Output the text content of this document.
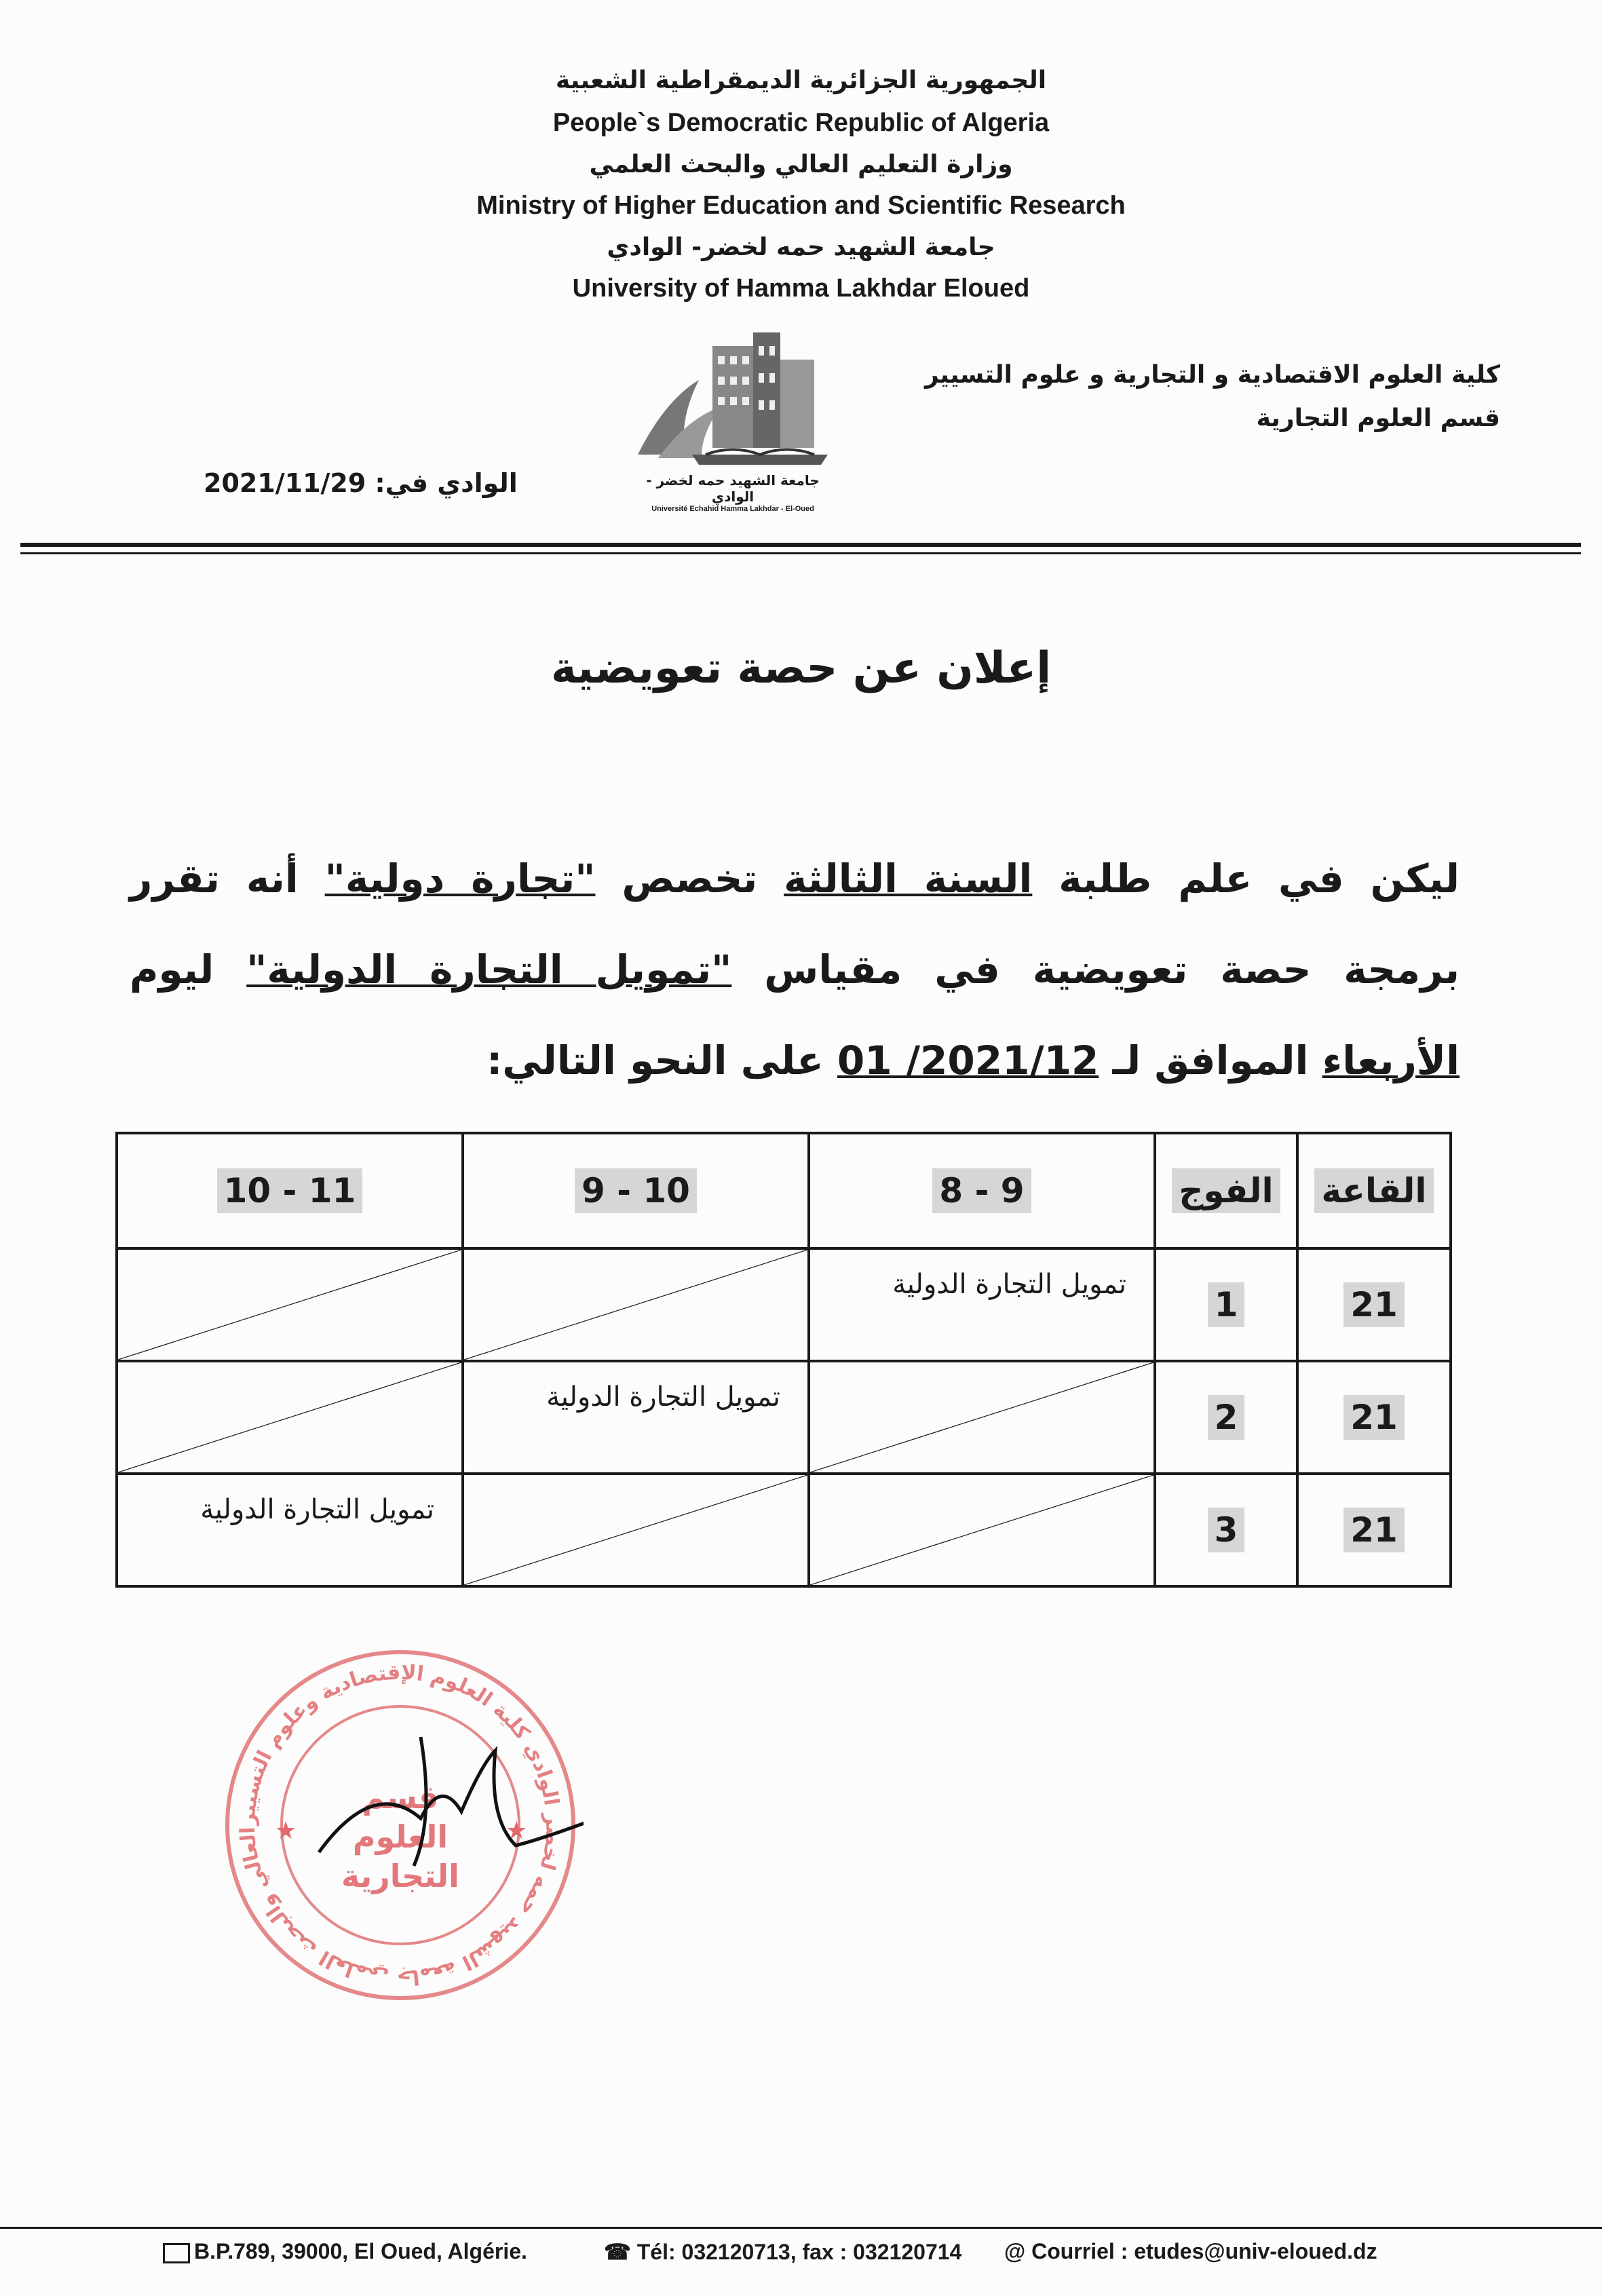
الجمهورية الجزائرية الديمقراطية الشعبية
People`s Democratic Republic of Algeria
وزارة التعليم العالي والبحث العلمي
Ministry of Higher Education and Scientific Research
جامعة الشهيد حمه لخضر- الوادي
University of Hamma Lakhdar Eloued
كلية العلوم الاقتصادية و التجارية و علوم التسيير
قسم العلوم التجارية
جامعة الشهيد حمه لخضر - الوادي
Université Echahid Hamma Lakhdar - El-Oued
الوادي في: 2021/11/29
إعلان عن حصة تعويضية
ليكن في علم طلبة السنة الثالثة تخصص "تجارة دولية" أنه تقرر برمجة حصة تعويضية في مقياس "تمويل التجارة الدولية" ليوم الأربعاء الموافق لـ 2021/12/ 01 على النحو التالي:
القاعة	الفوج	9 - 8	10 - 9	11 - 10
21	1	تمويل التجارة الدولية

21	2		تمويل التجارة الدولية

21	3			تمويل التجارة الدولية
العالي والبحث العلمي جامعة الشهيد حمه لخضر الوادي كلية العلوم الإقتصادية وعلوم التسيير
★	★
قسم العلوم التجارية
B.P.789, 39000, El Oued, Algérie.	☎ Tél: 032120713, fax : 032120714 @ Courriel : etudes@univ-eloued.dz
